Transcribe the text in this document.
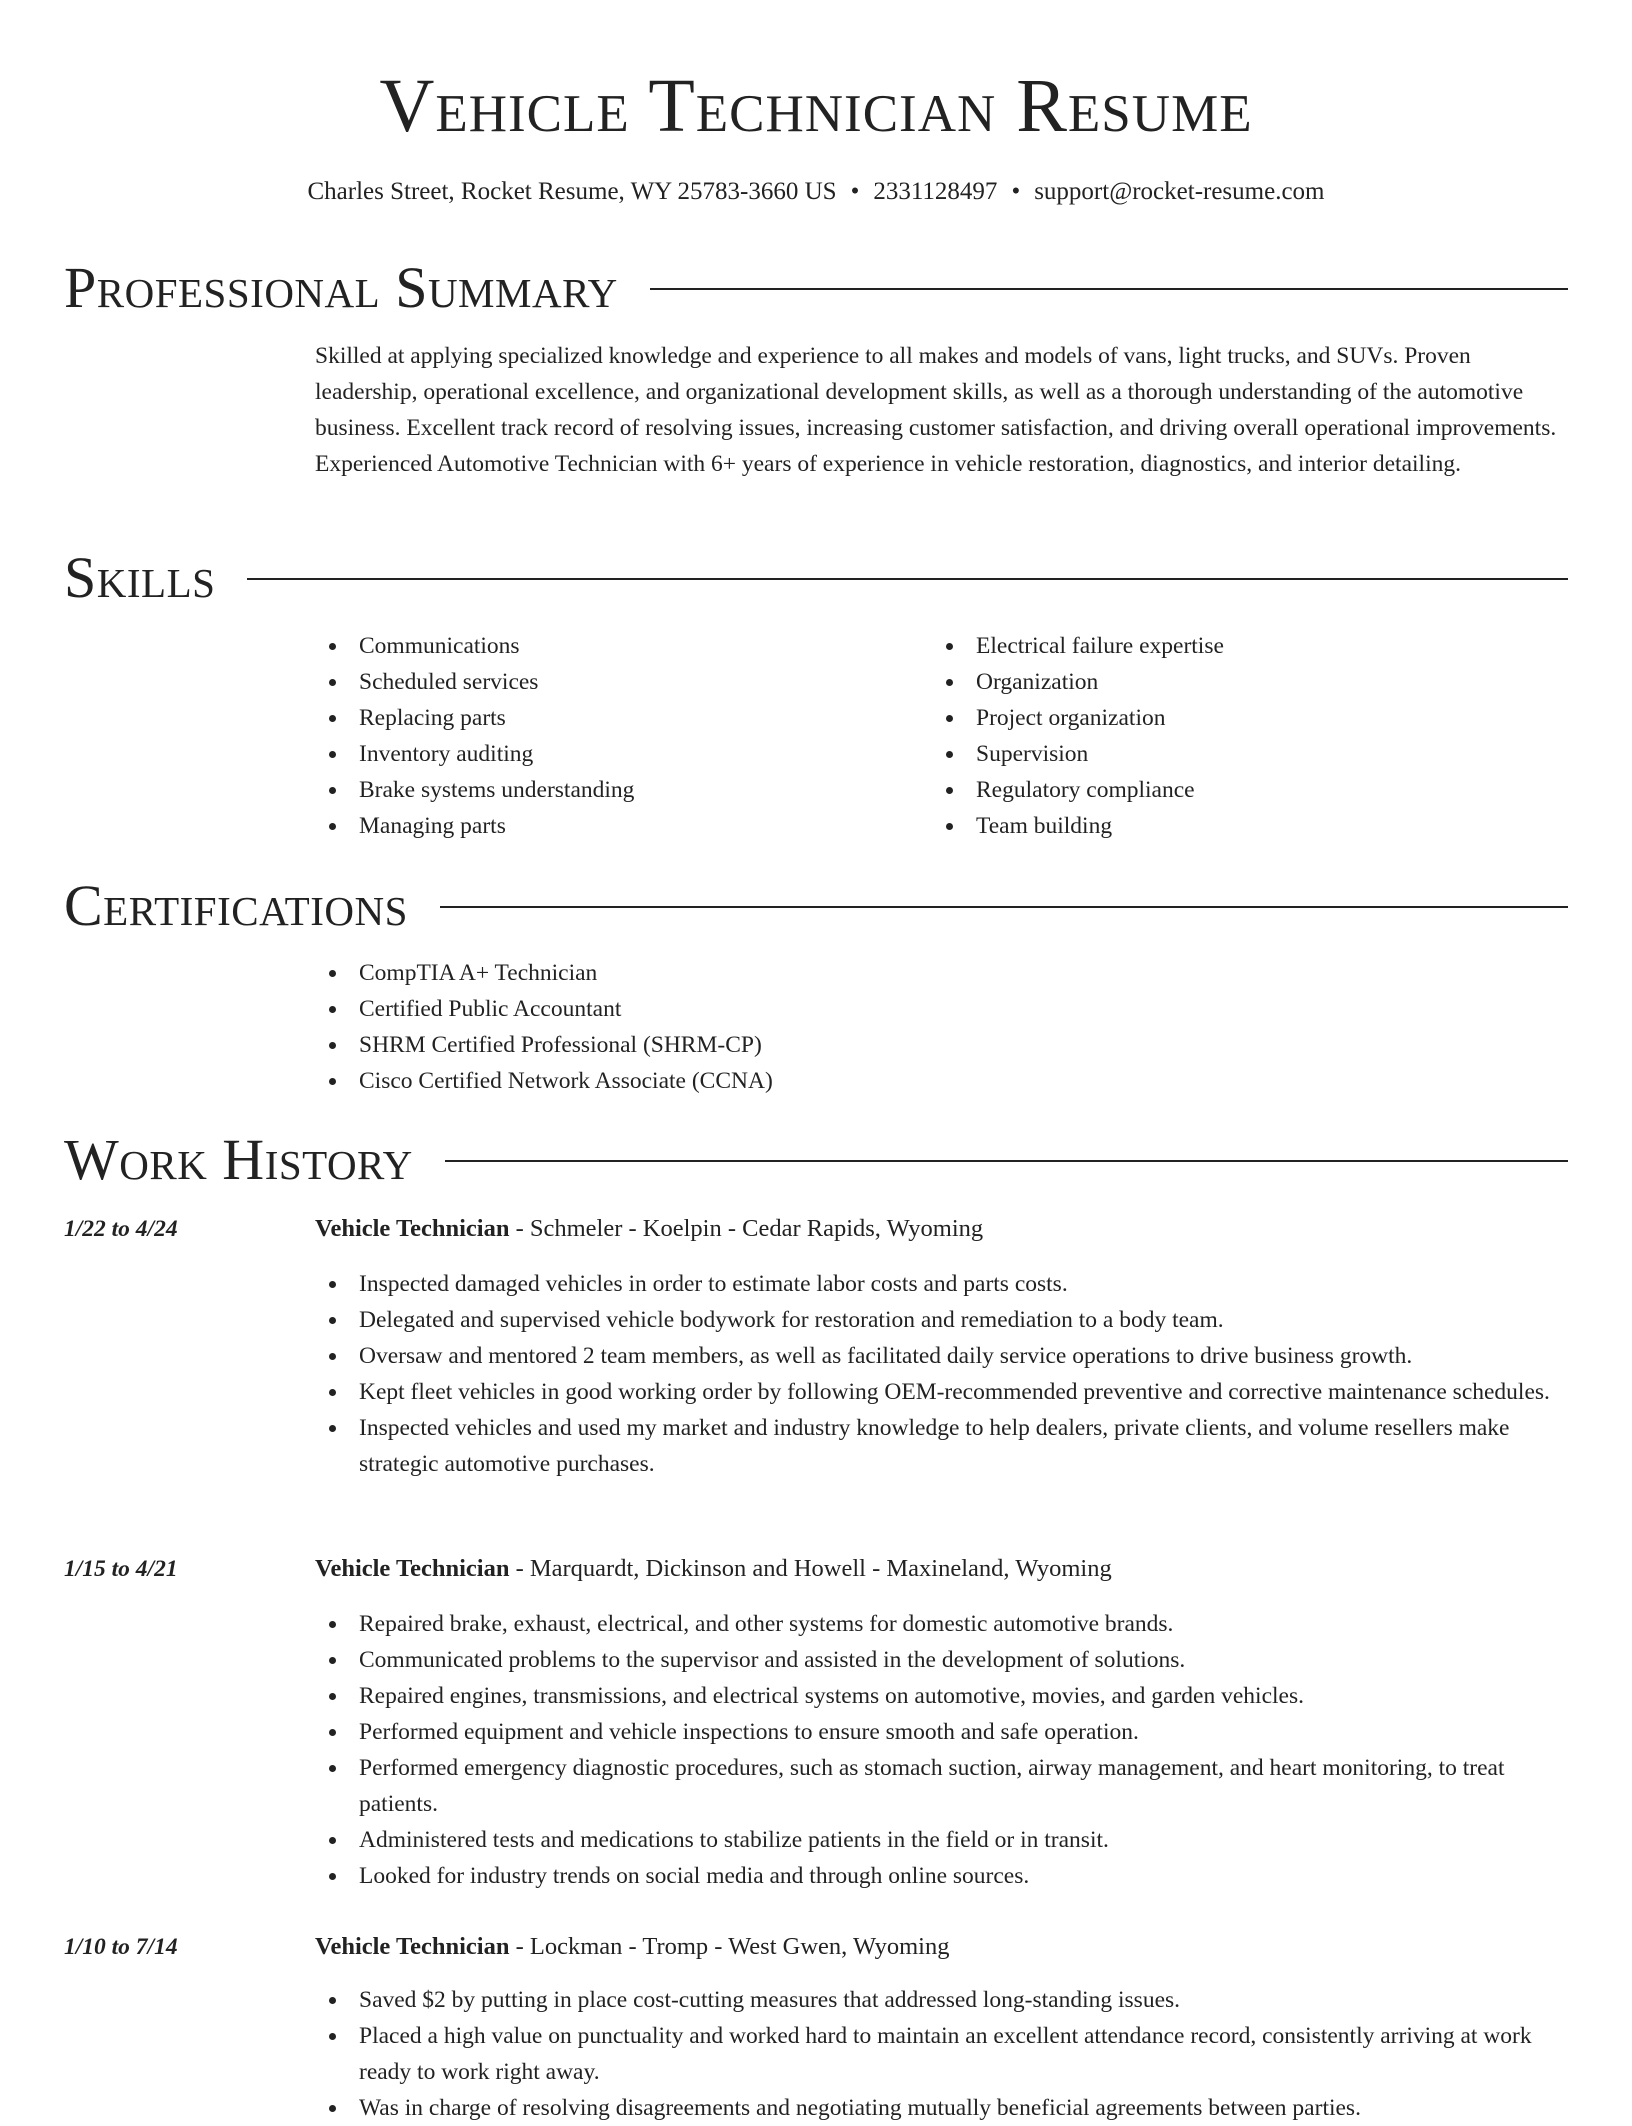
Vehicle Technician Resume
Charles Street, Rocket Resume, WY 25783-3660 US • 2331128497 • support@rocket-resume.com
Professional Summary

Skilled at applying specialized knowledge and experience to all makes and models of vans, light trucks, and SUVs. Proven leadership, operational excellence, and organizational development skills, as well as a thorough understanding of the automotive business. Excellent track record of resolving issues, increasing customer satisfaction, and driving overall operational improvements. Experienced Automotive Technician with 6+ years of experience in vehicle restoration, diagnostics, and interior detailing.

Skills
Communications
Scheduled services
Replacing parts
Inventory auditing
Brake systems understanding
Managing parts
Electrical failure expertise
Organization
Project organization
Supervision
Regulatory compliance
Team building
Certifications
CompTIA A+ Technician
Certified Public Accountant
SHRM Certified Professional (SHRM-CP)
Cisco Certified Network Associate (CCNA)
Work History
1/22 to 4/24	Vehicle Technician - Schmeler - Koelpin - Cedar Rapids, Wyoming
Inspected damaged vehicles in order to estimate labor costs and parts costs.
Delegated and supervised vehicle bodywork for restoration and remediation to a body team.
Oversaw and mentored 2 team members, as well as facilitated daily service operations to drive business growth.
Kept fleet vehicles in good working order by following OEM-recommended preventive and corrective maintenance schedules.
Inspected vehicles and used my market and industry knowledge to help dealers, private clients, and volume resellers make strategic automotive purchases.
1/15 to 4/21	Vehicle Technician - Marquardt, Dickinson and Howell - Maxineland, Wyoming
Repaired brake, exhaust, electrical, and other systems for domestic automotive brands.
Communicated problems to the supervisor and assisted in the development of solutions.
Repaired engines, transmissions, and electrical systems on automotive, movies, and garden vehicles.
Performed equipment and vehicle inspections to ensure smooth and safe operation.
Performed emergency diagnostic procedures, such as stomach suction, airway management, and heart monitoring, to treat patients.
Administered tests and medications to stabilize patients in the field or in transit.
Looked for industry trends on social media and through online sources.
1/10 to 7/14	Vehicle Technician - Lockman - Tromp - West Gwen, Wyoming
Saved $2 by putting in place cost-cutting measures that addressed long-standing issues.
Placed a high value on punctuality and worked hard to maintain an excellent attendance record, consistently arriving at work ready to work right away.
Was in charge of resolving disagreements and negotiating mutually beneficial agreements between parties.
